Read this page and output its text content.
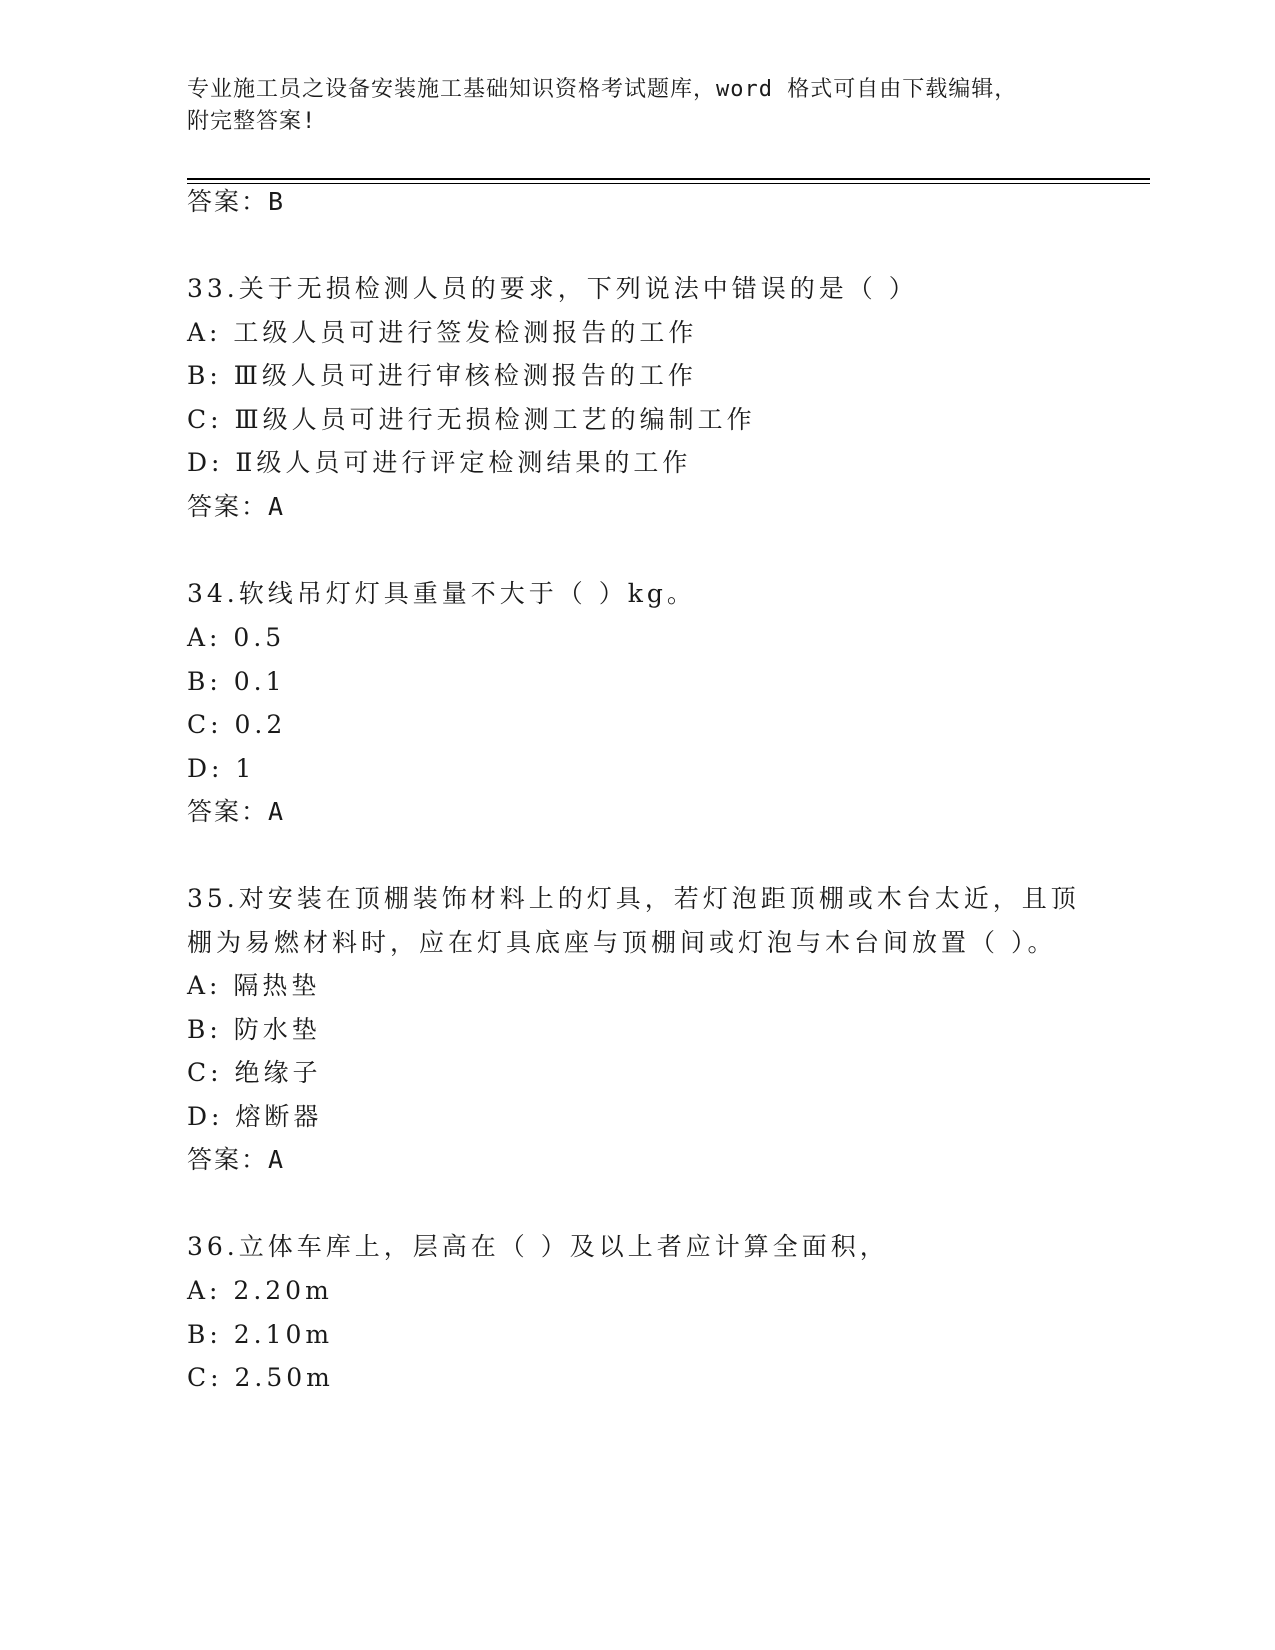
专业施工员之设备安装施工基础知识资格考试题库，word 格式可自由下载编辑，
附完整答案!
答案：B
33.关于无损检测人员的要求，下列说法中错误的是（ ）
A: 工级人员可进行签发检测报告的工作
B: Ⅲ级人员可进行审核检测报告的工作
C: Ⅲ级人员可进行无损检测工艺的编制工作
D: Ⅱ级人员可进行评定检测结果的工作
答案：A
34.软线吊灯灯具重量不大于（ ）kg。
A: 0.5
B: 0.1
C: 0.2
D: 1
答案：A
35.对安装在顶棚装饰材料上的灯具，若灯泡距顶棚或木台太近，且顶
棚为易燃材料时，应在灯具底座与顶棚间或灯泡与木台间放置（ ）。
A: 隔热垫
B: 防水垫
C: 绝缘子
D: 熔断器
答案：A
36.立体车库上，层高在（ ）及以上者应计算全面积，
A: 2.20m
B: 2.10m
C: 2.50m
